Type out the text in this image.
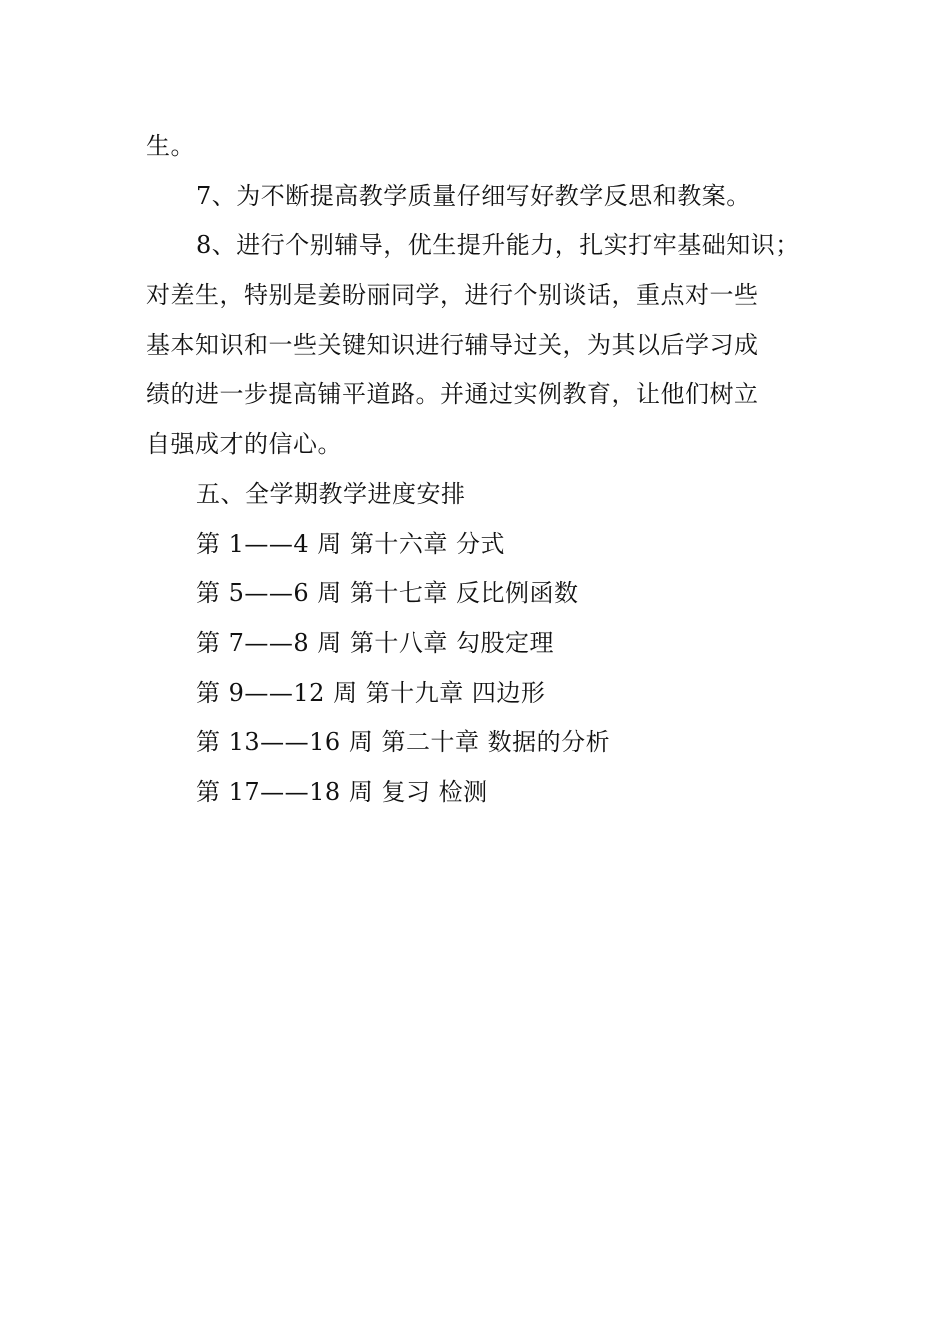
生。
7、为不断提高教学质量仔细写好教学反思和教案。
8、进行个别辅导，优生提升能力，扎实打牢基础知识；
对差生，特别是姜盼丽同学，进行个别谈话，重点对一些
基本知识和一些关键知识进行辅导过关，为其以后学习成
绩的进一步提高铺平道路。并通过实例教育，让他们树立
自强成才的信心。
五、全学期教学进度安排
第 1——4 周 第十六章 分式
第 5——6 周 第十七章 反比例函数
第 7——8 周 第十八章 勾股定理
第 9——12 周 第十九章 四边形
第 13——16 周 第二十章 数据的分析
第 17——18 周 复习 检测
